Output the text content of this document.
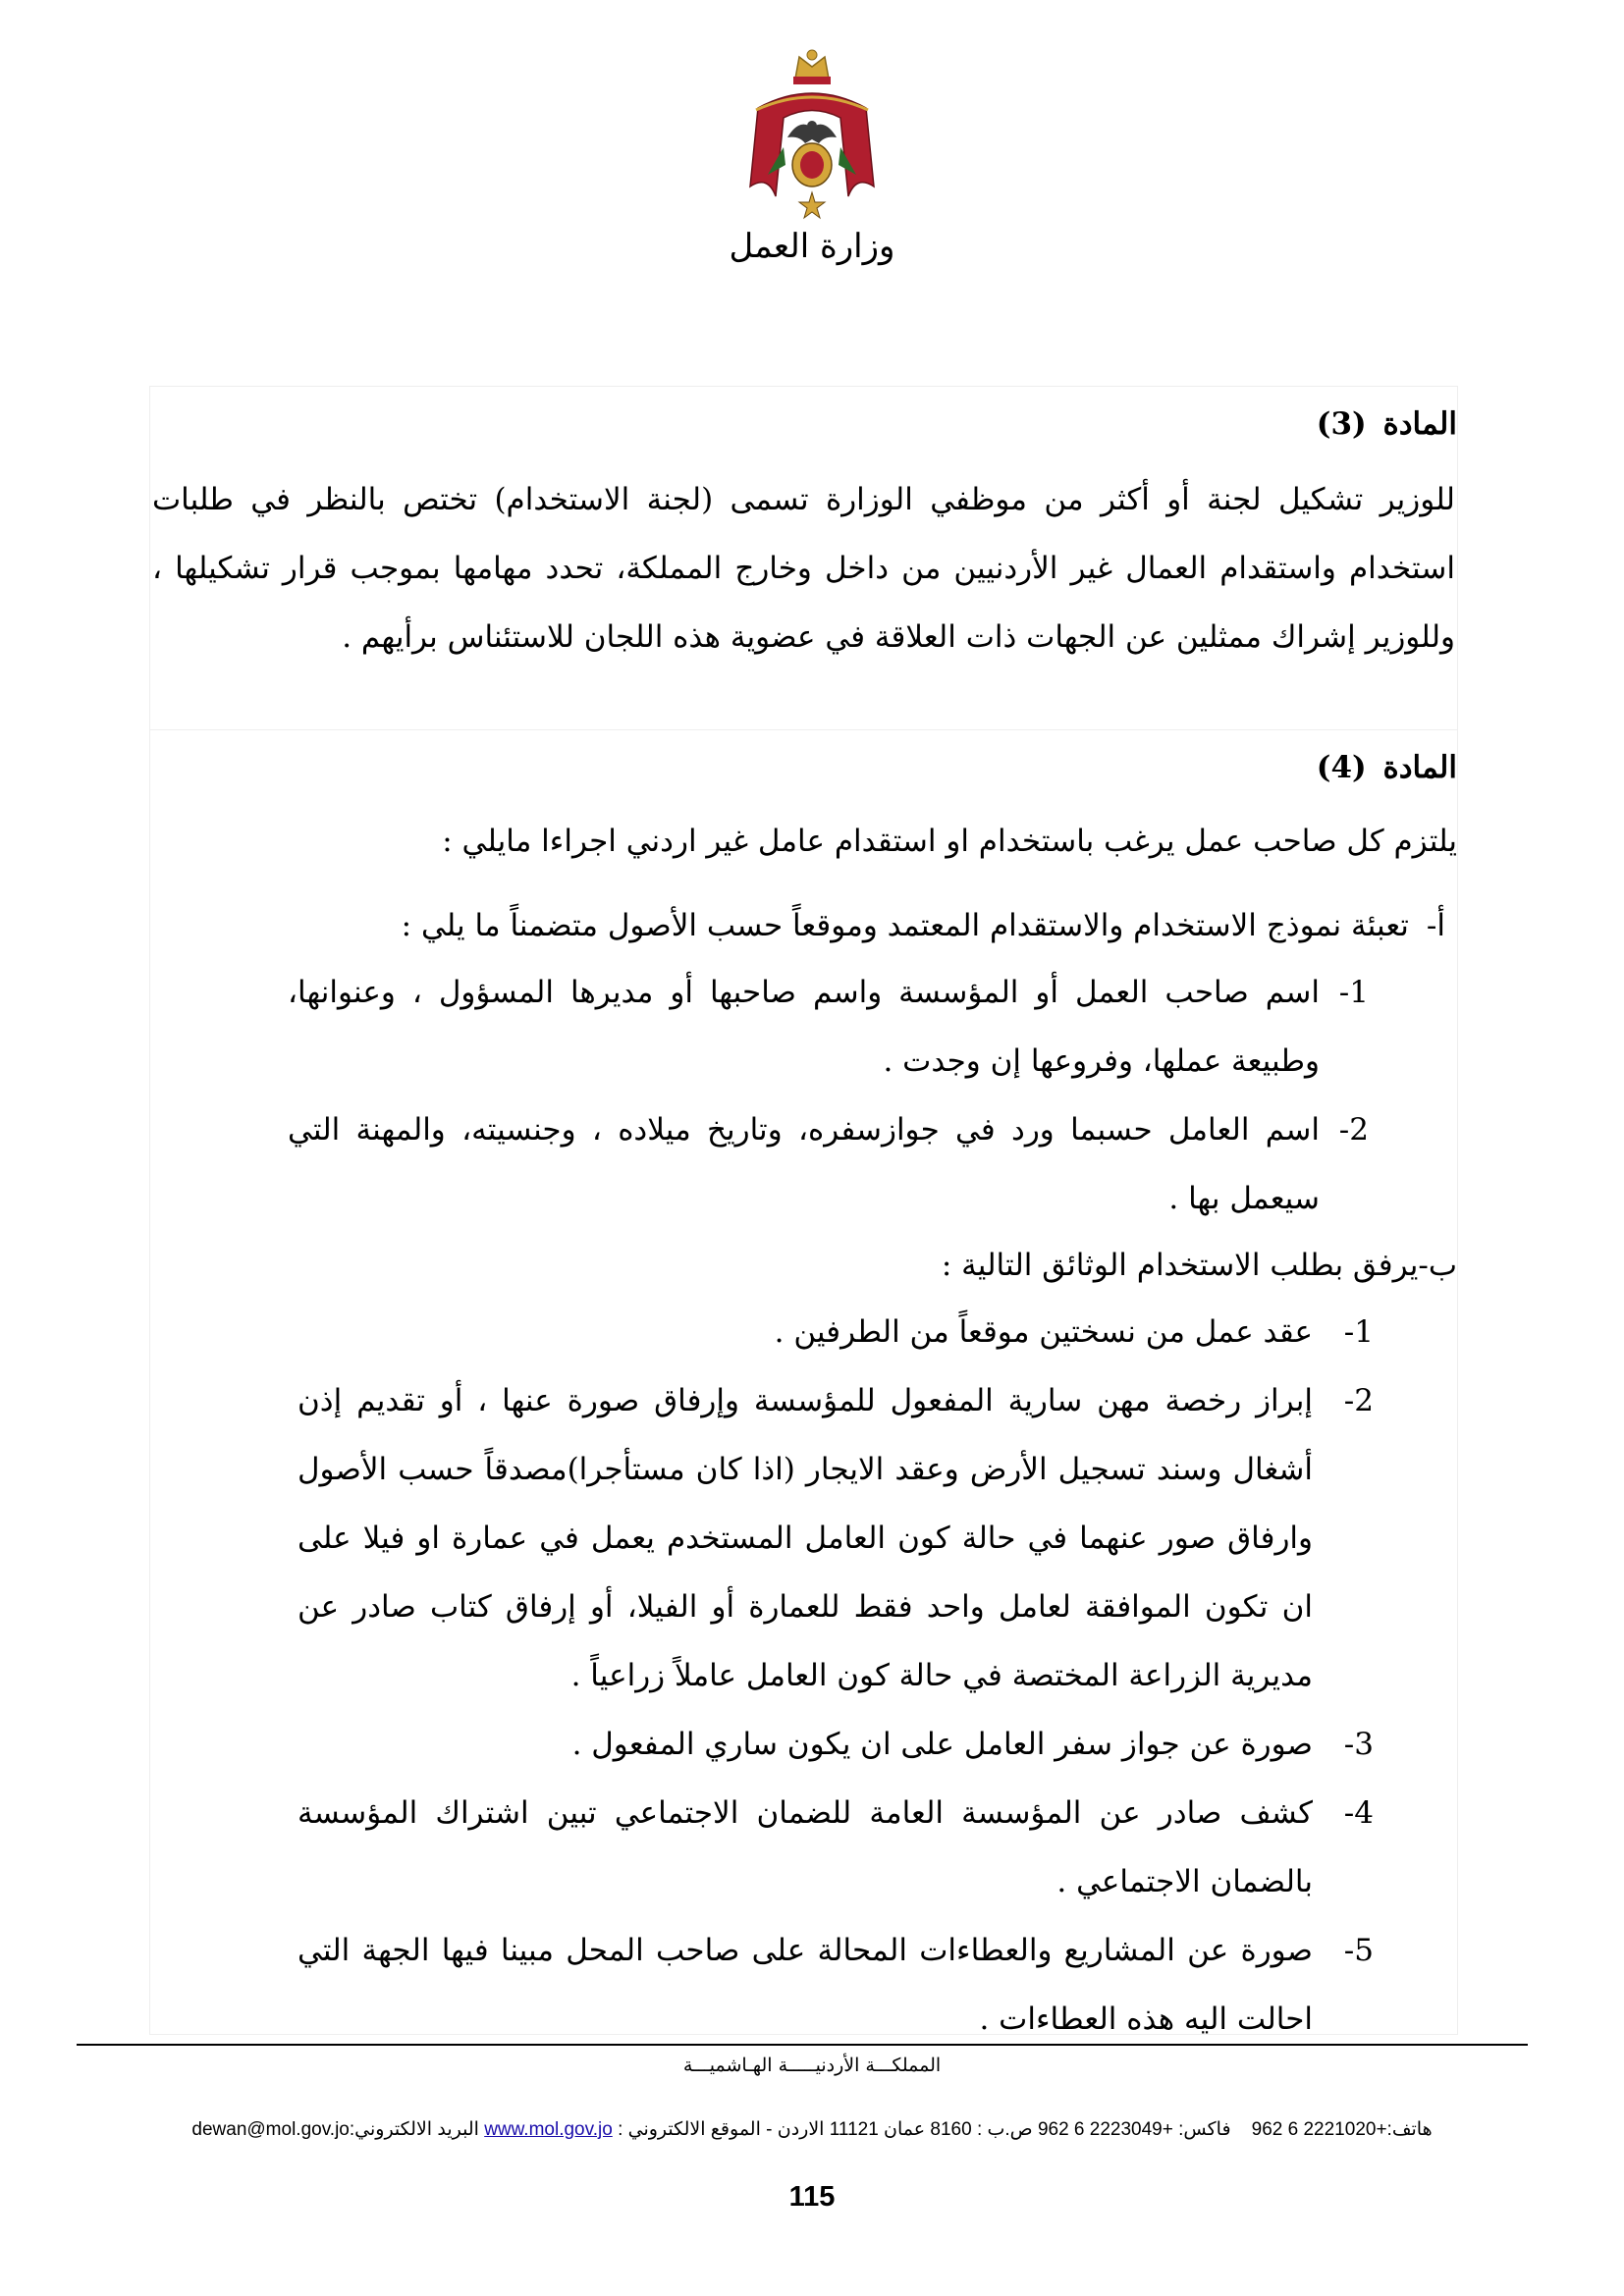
وزارة العمل
المادة (3)

للوزير تشكيل لجنة أو أكثر من موظفي الوزارة تسمى (لجنة الاستخدام) تختص بالنظر في طلبات استخدام واستقدام العمال غير الأردنيين من داخل وخارج المملكة، تحدد مهامها بموجب قرار تشكيلها ، وللوزير إشراك ممثلين عن الجهات ذات العلاقة في عضوية هذه اللجان للاستئناس برأيهم .

المادة (4)

يلتزم كل صاحب عمل يرغب باستخدام او استقدام عامل غير اردني اجراءا مايلي :

أ-تعبئة نموذج الاستخدام والاستقدام المعتمد وموقعاً حسب الأصول متضمناً ما يلي :

1-
اسم صاحب العمل أو المؤسسة واسم صاحبها أو مديرها المسؤول ، وعنوانها، وطبيعة عملها، وفروعها إن وجدت .
2-
اسم العامل حسبما ورد في جوازسفره، وتاريخ ميلاده ، وجنسيته، والمهنة التي سيعمل بها .

ب-يرفق بطلب الاستخدام الوثائق التالية :

1-
عقد عمل من نسختين موقعاً من الطرفين .
2-
إبراز رخصة مهن سارية المفعول للمؤسسة وإرفاق صورة عنها ، أو تقديم إذن أشغال وسند تسجيل الأرض وعقد الايجار (اذا كان مستأجرا)مصدقاً حسب الأصول وارفاق صور عنهما في حالة كون العامل المستخدم يعمل في عمارة او فيلا على ان تكون الموافقة لعامل واحد فقط للعمارة أو الفيلا، أو إرفاق كتاب صادر عن مديرية الزراعة المختصة في حالة كون العامل عاملاً زراعياً .
3-
صورة عن جواز سفر العامل على ان يكون ساري المفعول .
4-
كشف صادر عن المؤسسة العامة للضمان الاجتماعي تبين اشتراك المؤسسة بالضمان الاجتماعي .
5-
صورة عن المشاريع والعطاءات المحالة على صاحب المحل مبينا فيها الجهة التي احالت اليه هذه العطاءات .
المملكـــة الأردنيـــــة الهـاشميـــة
هاتف:+962 6 2221020    فاكس: +962 6 2223049 ص.ب : 8160 عمان 11121 الاردن - الموقع الالكتروني : www.mol.gov.jo البريد الالكتروني:dewan@mol.gov.jo
115
